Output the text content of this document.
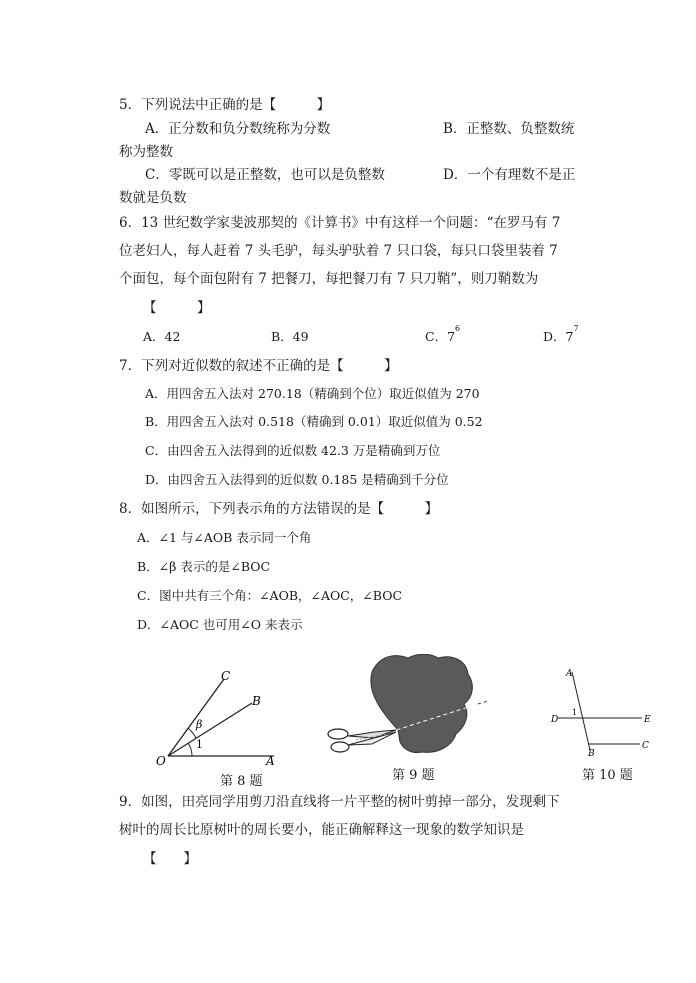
5．下列说法中正确的是【　　　】
A．正分数和负分数统称为分数	B．正整数、负整数统
称为整数
C．零既可以是正整数，也可以是负整数	D．一个有理数不是正
数就是负数
6．13 世纪数学家斐波那契的《计算书》中有这样一个问题：“在罗马有 7
位老妇人，每人赶着 7 头毛驴，每头驴驮着 7 只口袋，每只口袋里装着 7
个面包，每个面包附有 7 把餐刀，每把餐刀有 7 只刀鞘”，则刀鞘数为
【　　　】
A．42	B．49	C．$7^6$
D．$7^7$
7．下列对近似数的叙述不正确的是【　　　】
A．用四舍五入法对 270.18（精确到个位）取近似值为 270
B．用四舍五入法对 0.518（精确到 0.01）取近似值为 0.52
C．由四舍五入法得到的近似数 42.3 万是精确到万位
D．由四舍五入法得到的近似数 0.185 是精确到千分位
8．如图所示，下列表示角的方法错误的是【　　　】
A．∠1 与∠AOB 表示同一个角
B．∠β 表示的是∠BOC
C．图中共有三个角：∠AOB，∠AOC，∠BOC
D．∠AOC 也可用∠O 来表示
C
B
O	A
β
1
第 8 题	第 9 题
A
D	E
B
C
1
第 10 题
9．如图，田亮同学用剪刀沿直线将一片平整的树叶剪掉一部分，发现剩下
树叶的周长比原树叶的周长要小，能正确解释这一现象的数学知识是
【　　】
